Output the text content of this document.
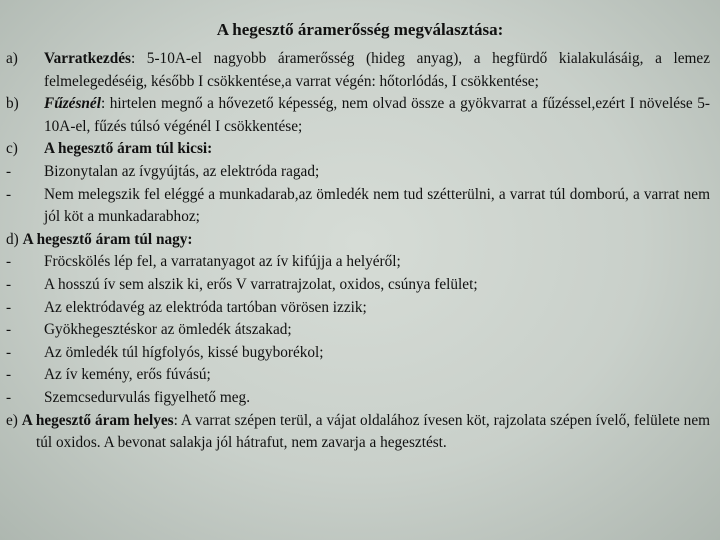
A hegesztő áramerősség megválasztása:
a)	Varratkezdés: 5-10A-el nagyobb áramerősség (hideg anyag), a hegfürdő kialakulásáig, a lemez felmelegedéséig, később I csökkentése,a varrat végén: hőtorlódás, I csökkentése;
b)	Fűzésnél: hirtelen megnő a hővezető képesség, nem olvad össze a gyökvarrat a fűzéssel,ezért I növelése 5-10A-el, fűzés túlsó végénél I csökkentése;
c)	A hegesztő áram túl kicsi:
-	Bizonytalan az ívgyújtás, az elektróda ragad;
-	Nem melegszik fel eléggé a munkadarab,az ömledék nem tud szétterülni, a varrat túl domború, a varrat nem jól köt a munkadarabhoz;
d) A hegesztő áram túl nagy:
-	Fröcskölés lép fel, a varratanyagot az ív kifújja a helyéről;
-	A hosszú ív sem alszik ki, erős V varratrajzolat, oxidos, csúnya felület;
-	Az elektródavég az elektróda tartóban vörösen izzik;
-	Gyökhegesztéskor az ömledék átszakad;
-	Az ömledék túl hígfolyós, kissé bugyborékol;
-	Az ív kemény, erős fúvású;
-	Szemcsedurvulás figyelhető meg.
e) A hegesztő áram helyes: A varrat szépen terül, a vájat oldalához ívesen köt, rajzolata szépen ívelő, felülete nem túl oxidos. A bevonat salakja jól hátrafut, nem zavarja a hegesztést.
